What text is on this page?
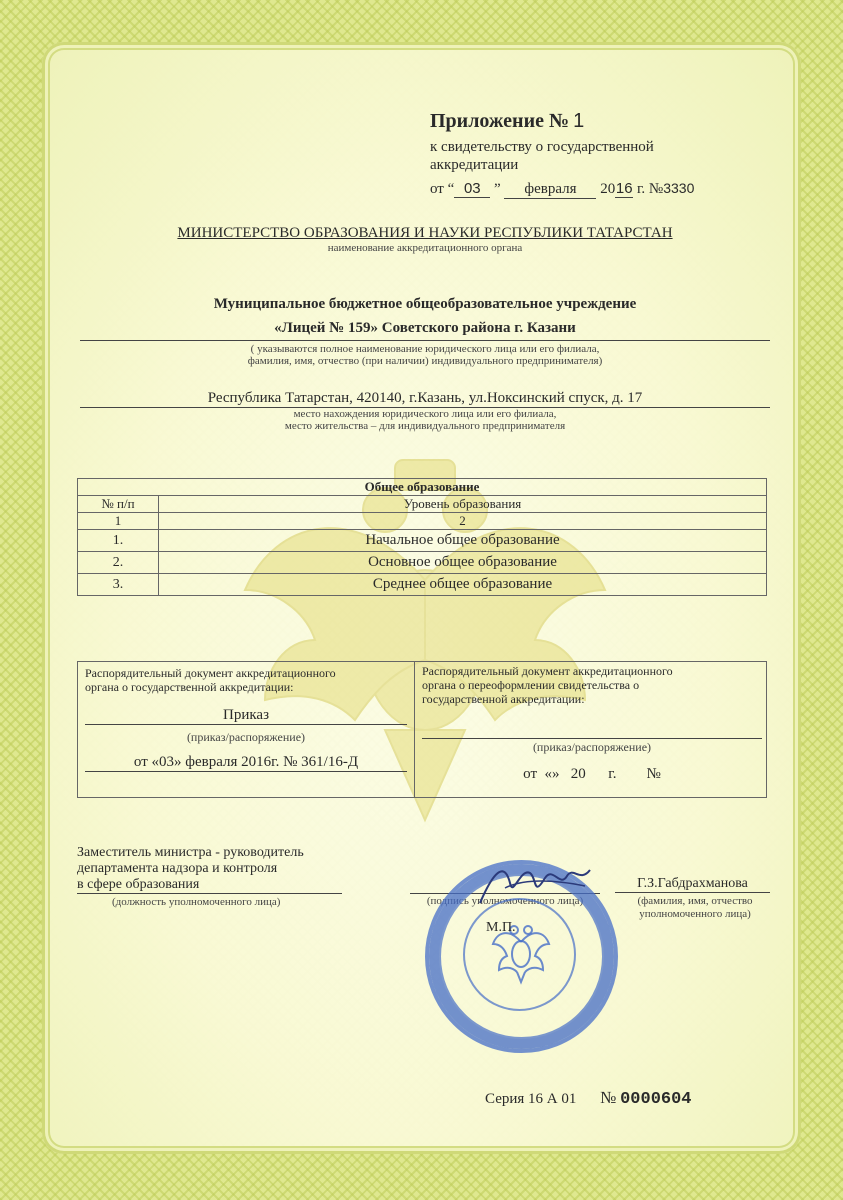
Приложение № 1
к свидетельству о государственной
аккредитации
от “ 03 ” февраля 2016 г. №3330
МИНИСТЕРСТВО ОБРАЗОВАНИЯ И НАУКИ РЕСПУБЛИКИ ТАТАРСТАН
наименование аккредитационного органа
Муниципальное бюджетное общеобразовательное учреждение
«Лицей № 159» Советского района г. Казани
( указываются полное наименование юридического лица или его филиала,
фамилия, имя, отчество (при наличии) индивидуального предпринимателя)
Республика Татарстан, 420140, г.Казань, ул.Ноксинский спуск, д. 17
место нахождения юридического лица или его филиала,
место жительства – для индивидуального предпринимателя
Общее образование	
№ п/п	Уровень образования
1	2
1.	Начальное общее образование
2.	Основное общее образование
3.	Среднее общее образование
Распорядительный документ аккредитационного
органа о государственной аккредитации:
Приказ
(приказ/распоряжение)
от «03» февраля 2016г. № 361/16-Д
Распорядительный документ аккредитационного
органа о переоформлении свидетельства о
государственной аккредитации:
(приказ/распоряжение)
от  «»   20      г.        №
Заместитель министра - руководитель
департамента надзора и контроля
в сфере образования
(должность уполномоченного лица)	(подпись уполномоченного лица)
Г.З.Габдрахманова
(фамилия, имя, отчество
уполномоченного лица)
М.П.
Серия 16 А 01 № 0000604
